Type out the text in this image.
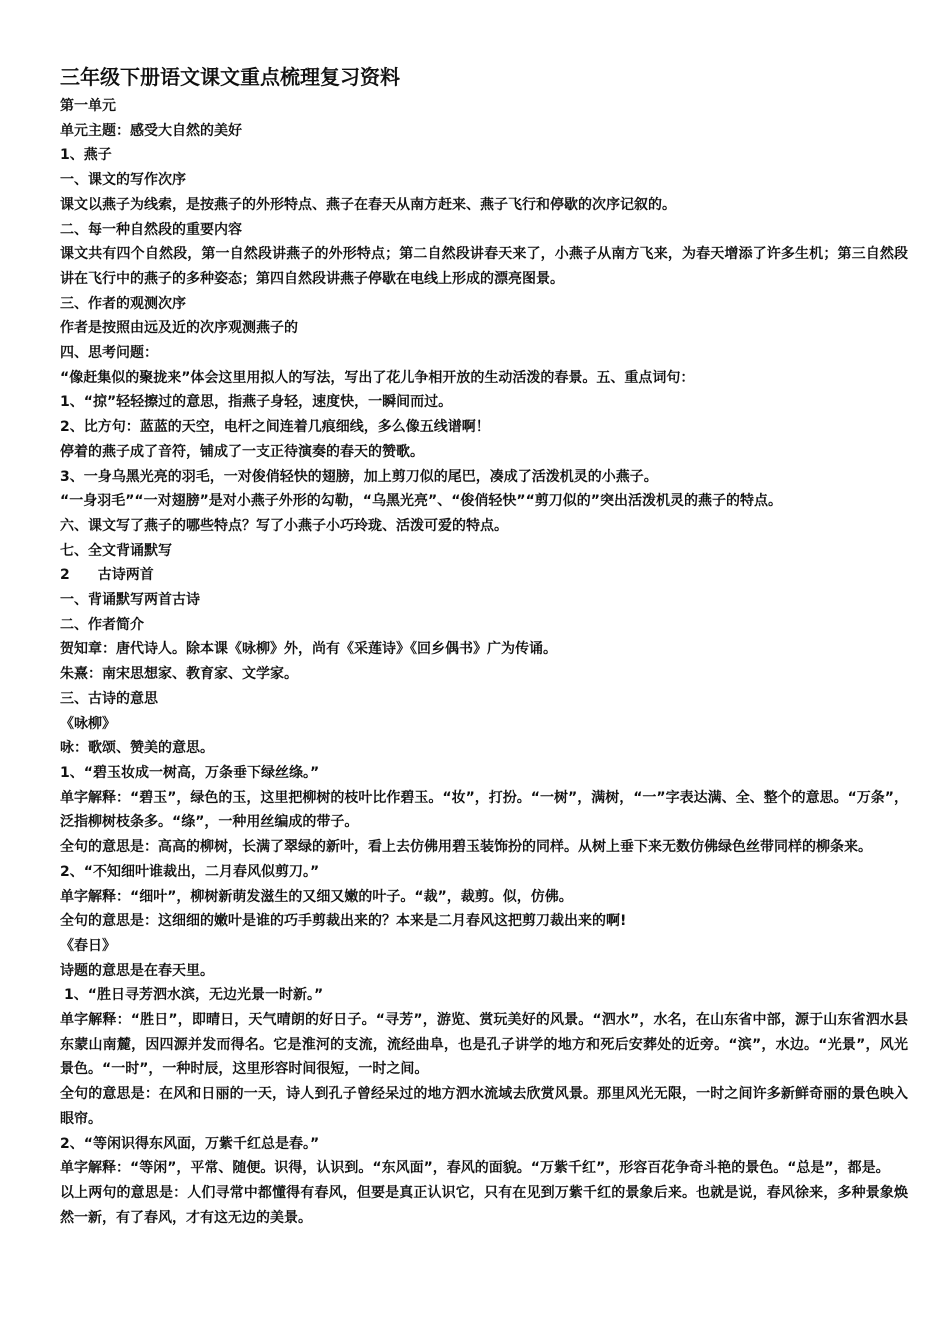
三年级下册语文课文重点梳理复习资料

第一单元

单元主题：感受大自然的美好

1、燕子

一、课文的写作次序

课文以燕子为线索，是按燕子的外形特点、燕子在春天从南方赶来、燕子飞行和停歇的次序记叙的。

二、每一种自然段的重要内容

课文共有四个自然段，第一自然段讲燕子的外形特点；第二自然段讲春天来了，小燕子从南方飞来，为春天增添了许多生机；第三自然段讲在飞行中的燕子的多种姿态；第四自然段讲燕子停歇在电线上形成的漂亮图景。

三、作者的观测次序

作者是按照由远及近的次序观测燕子的

四、思考问题：

“像赶集似的聚拢来”体会这里用拟人的写法，写出了花儿争相开放的生动活泼的春景。五、重点词句：

1、“掠”轻轻擦过的意思，指燕子身轻，速度快，一瞬间而过。

2、比方句：蓝蓝的天空，电杆之间连着几痕细线，多么像五线谱啊！

停着的燕子成了音符，铺成了一支正待演奏的春天的赞歌。

3、一身乌黑光亮的羽毛，一对俊俏轻快的翅膀，加上剪刀似的尾巴，凑成了活泼机灵的小燕子。

“一身羽毛”“一对翅膀”是对小燕子外形的勾勒，“乌黑光亮”、“俊俏轻快”“剪刀似的”突出活泼机灵的燕子的特点。

六、课文写了燕子的哪些特点？写了小燕子小巧玲珑、活泼可爱的特点。

七、全文背诵默写

2　　古诗两首

一、背诵默写两首古诗

二、作者简介

贺知章：唐代诗人。除本课《咏柳》外，尚有《采莲诗》《回乡偶书》广为传诵。

朱熹：南宋思想家、教育家、文学家。

三、古诗的意思

《咏柳》

咏：歌颂、赞美的意思。

1、“碧玉妆成一树高，万条垂下绿丝绦。”

单字解释：“碧玉”，绿色的玉，这里把柳树的枝叶比作碧玉。“妆”，打扮。“一树”，满树，“一”字表达满、全、整个的意思。“万条”，泛指柳树枝条多。“绦”，一种用丝编成的带子。

全句的意思是：高高的柳树，长满了翠绿的新叶，看上去仿佛用碧玉装饰扮的同样。从树上垂下来无数仿佛绿色丝带同样的柳条来。

2、“不知细叶谁裁出，二月春风似剪刀。”

单字解释：“细叶”，柳树新萌发滋生的又细又嫩的叶子。“裁”，裁剪。似，仿佛。

全句的意思是：这细细的嫩叶是谁的巧手剪裁出来的？本来是二月春风这把剪刀裁出来的啊!

《春日》

诗题的意思是在春天里。

1、“胜日寻芳泗水滨，无边光景一时新。”

单字解释：“胜日”，即晴日，天气晴朗的好日子。“寻芳”，游览、赏玩美好的风景。“泗水”，水名，在山东省中部，源于山东省泗水县东蒙山南麓，因四源并发而得名。它是淮河的支流，流经曲阜，也是孔子讲学的地方和死后安葬处的近旁。“滨”，水边。“光景”，风光景色。“一时”，一种时辰，这里形容时间很短，一时之间。

全句的意思是：在风和日丽的一天，诗人到孔子曾经呆过的地方泗水流域去欣赏风景。那里风光无限，一时之间许多新鲜奇丽的景色映入眼帘。

2、“等闲识得东风面，万紫千红总是春。”

单字解释：“等闲”，平常、随便。识得，认识到。“东风面”，春风的面貌。“万紫千红”，形容百花争奇斗艳的景色。“总是”，都是。

以上两句的意思是：人们寻常中都懂得有春风，但要是真正认识它，只有在见到万紫千红的景象后来。也就是说，春风徐来，多种景象焕然一新，有了春风，才有这无边的美景。
